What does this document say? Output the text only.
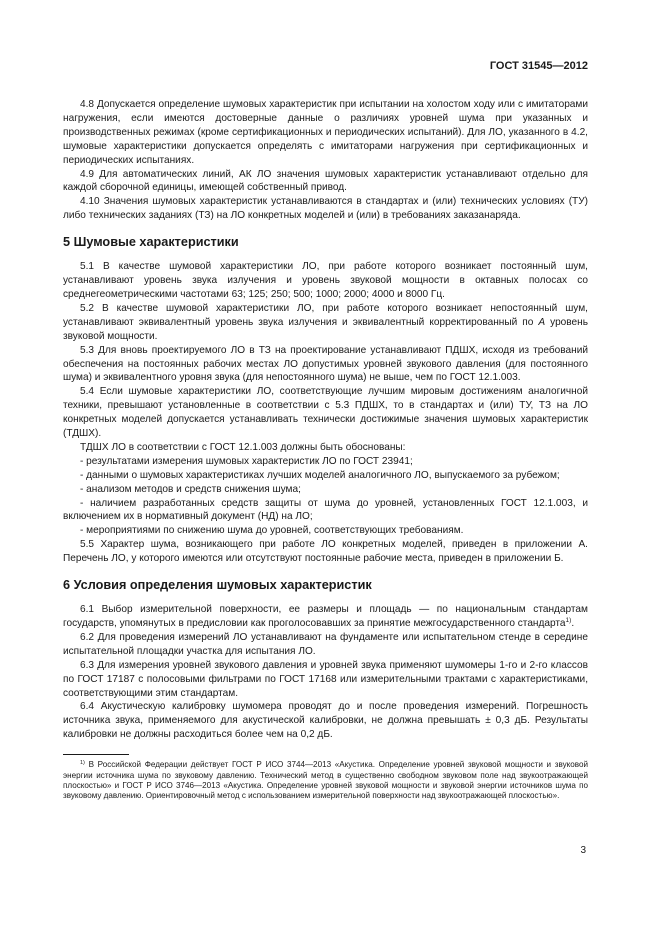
ГОСТ 31545—2012

4.8 Допускается определение шумовых характеристик при испытании на холостом ходу или с имитаторами нагружения, если имеются достоверные данные о различиях уровней шума при указанных и производственных режимах (кроме сертификационных и периодических испытаний). Для ЛО, указанного в 4.2, шумовые характеристики допускается определять с имитаторами нагружения при сертификационных и периодических испытаниях.

4.9 Для автоматических линий, АК ЛО значения шумовых характеристик устанавливают отдельно для каждой сборочной единицы, имеющей собственный привод.

4.10 Значения шумовых характеристик устанавливаются в стандартах и (или) технических условиях (ТУ) либо технических заданиях (ТЗ) на ЛО конкретных моделей и (или) в требованиях заказанаряда.

5 Шумовые характеристики

5.1 В качестве шумовой характеристики ЛО, при работе которого возникает постоянный шум, устанавливают уровень звука излучения и уровень звуковой мощности в октавных полосах со среднегеометрическими частотами 63; 125; 250; 500; 1000; 2000; 4000 и 8000 Гц.

5.2 В качестве шумовой характеристики ЛО, при работе которого возникает непостоянный шум, устанавливают эквивалентный уровень звука излучения и эквивалентный корректированный по А уровень звуковой мощности.

5.3 Для вновь проектируемого ЛО в ТЗ на проектирование устанавливают ПДШХ, исходя из требований обеспечения на постоянных рабочих местах ЛО допустимых уровней звукового давления (для постоянного шума) и эквивалентного уровня звука (для непостоянного шума) не выше, чем по ГОСТ 12.1.003.

5.4 Если шумовые характеристики ЛО, соответствующие лучшим мировым достижениям аналогичной техники, превышают установленные в соответствии с 5.3 ПДШХ, то в стандартах и (или) ТУ, ТЗ на ЛО конкретных моделей допускается устанавливать технически достижимые значения шумовых характеристик (ТДШХ).

ТДШХ ЛО в соответствии с ГОСТ 12.1.003 должны быть обоснованы:

- результатами измерения шумовых характеристик ЛО по ГОСТ 23941;

- данными о шумовых характеристиках лучших моделей аналогичного ЛО, выпускаемого за рубежом;

- анализом методов и средств снижения шума;

- наличием разработанных средств защиты от шума до уровней, установленных ГОСТ 12.1.003, и включением их в нормативный документ (НД) на ЛО;

- мероприятиями по снижению шума до уровней, соответствующих требованиям.

5.5 Характер шума, возникающего при работе ЛО конкретных моделей, приведен в приложении А. Перечень ЛО, у которого имеются или отсутствуют постоянные рабочие места, приведен в приложении Б.

6 Условия определения шумовых характеристик

6.1 Выбор измерительной поверхности, ее размеры и площадь — по национальным стандартам государств, упомянутых в предисловии как проголосовавших за принятие межгосударственного стандарта$^{1)}$.

6.2 Для проведения измерений ЛО устанавливают на фундаменте или испытательном стенде в середине испытательной площадки участка для испытания ЛО.

6.3 Для измерения уровней звукового давления и уровней звука применяют шумомеры 1-го и 2-го классов по ГОСТ 17187 с полосовыми фильтрами по ГОСТ 17168 или измерительными трактами с характеристиками, соответствующими этим стандартам.

6.4 Акустическую калибровку шумомера проводят до и после проведения измерений. Погрешность источника звука, применяемого для акустической калибровки, не должна превышать ± 0,3 дБ. Результаты калибровки не должны расходиться более чем на 0,2 дБ.

$^{1)}$ В Российской Федерации действует ГОСТ Р ИСО 3744—2013 «Акустика. Определение уровней звуковой мощности и звуковой энергии источника шума по звуковому давлению. Технический метод в существенно свободном звуковом поле над звукоотражающей плоскостью» и ГОСТ Р ИСО 3746—2013 «Акустика. Определение уровней звуковой мощности и звуковой энергии источников шума по звуковому давлению. Ориентировочный метод с использованием измерительной поверхности над звукоотражающей плоскостью».

3
